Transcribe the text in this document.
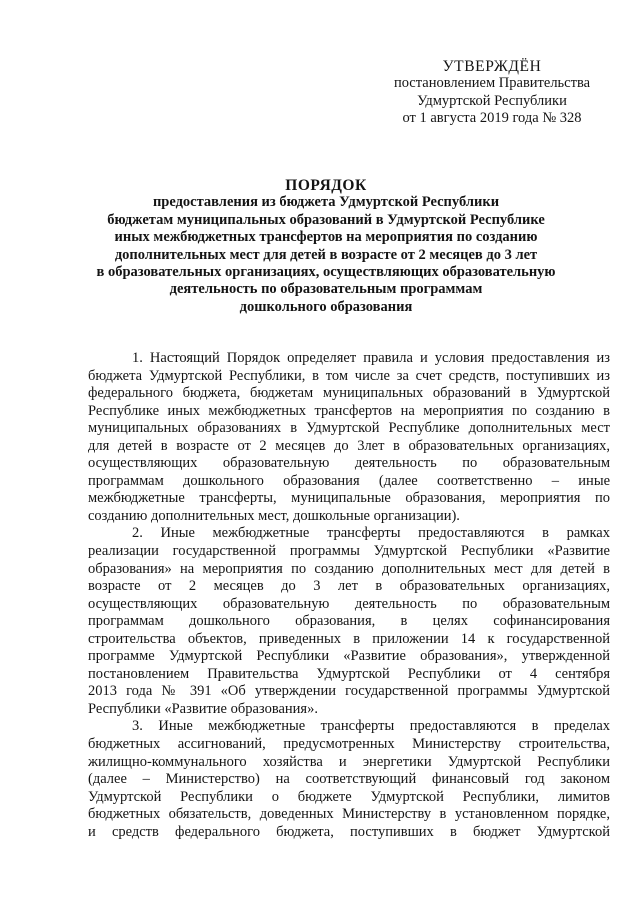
УТВЕРЖДЁН
постановлением Правительства
Удмуртской Республики
от 1 августа 2019 года № 328
ПОРЯДОК
предоставления из бюджета Удмуртской Республики
бюджетам муниципальных образований в Удмуртской Республике
иных межбюджетных трансфертов на мероприятия по созданию
дополнительных мест для детей в возрасте от 2 месяцев до 3 лет
в образовательных организациях, осуществляющих образовательную
деятельность по образовательным программам
дошкольного образования
1. Настоящий Порядок определяет правила и условия предоставления из
бюджета Удмуртской Республики, в том числе за счет средств, поступивших из
федерального бюджета, бюджетам муниципальных образований в Удмуртской
Республике иных межбюджетных трансфертов на мероприятия по созданию в
муниципальных образованиях в Удмуртской Республике дополнительных мест
для детей в возрасте от 2 месяцев до 3лет в образовательных организациях,
осуществляющих образовательную деятельность по образовательным
программам дошкольного образования (далее соответственно – иные
межбюджетные трансферты, муниципальные образования, мероприятия по
созданию дополнительных мест, дошкольные организации).
2. Иные межбюджетные трансферты предоставляются в рамках
реализации государственной программы Удмуртской Республики «Развитие
образования» на мероприятия по созданию дополнительных мест для детей в
возрасте от 2 месяцев до 3 лет в образовательных организациях,
осуществляющих образовательную деятельность по образовательным
программам дошкольного образования, в целях софинансирования
строительства объектов, приведенных в приложении 14 к государственной
программе Удмуртской Республики «Развитие образования», утвержденной
постановлением Правительства Удмуртской Республики от 4 сентября
2013 года № 391 «Об утверждении государственной программы Удмуртской
Республики «Развитие образования».
3. Иные межбюджетные трансферты предоставляются в пределах
бюджетных ассигнований, предусмотренных Министерству строительства,
жилищно-коммунального хозяйства и энергетики Удмуртской Республики
(далее – Министерство) на соответствующий финансовый год законом
Удмуртской Республики о бюджете Удмуртской Республики, лимитов
бюджетных обязательств, доведенных Министерству в установленном порядке,
и средств федерального бюджета, поступивших в бюджет Удмуртской
